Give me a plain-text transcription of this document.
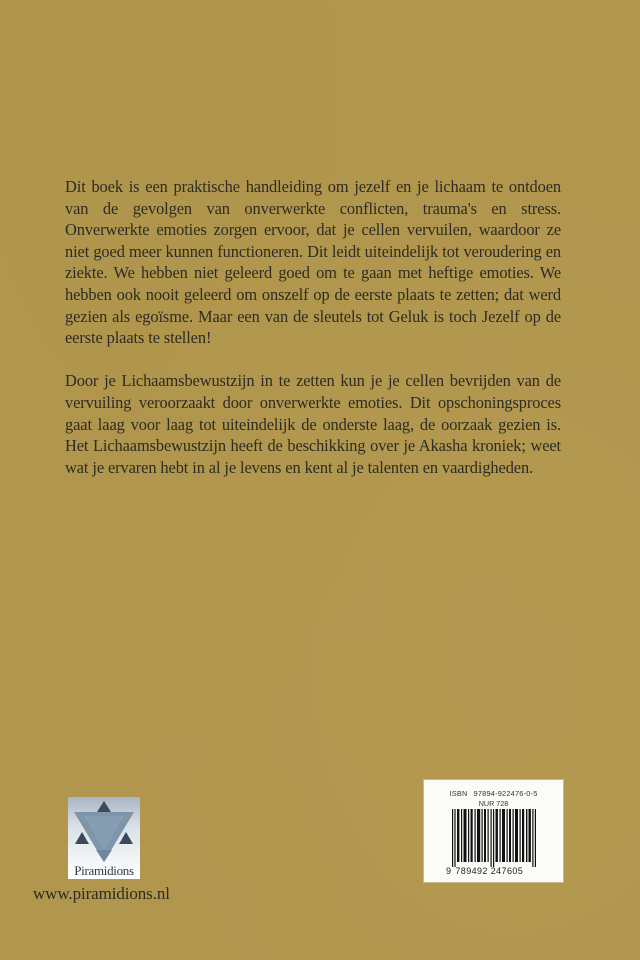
Dit boek is een praktische handleiding om jezelf en je lichaam te ontdoen van de gevolgen van onverwerkte conflicten, trauma's en stress. Onverwerkte emoties zorgen ervoor, dat je cellen vervuilen, waardoor ze niet goed meer kunnen functioneren. Dit leidt uiteindelijk tot veroudering en ziekte. We hebben niet geleerd goed om te gaan met heftige emoties. We hebben ook nooit geleerd om onszelf op de eerste plaats te zetten; dat werd gezien als egoïsme. Maar een van de sleutels tot Geluk is toch Jezelf op de eerste plaats te stellen!

Door je Lichaamsbewustzijn in te zetten kun je je cellen bevrijden van de vervuiling veroorzaakt door onverwerkte emoties. Dit opschoningsproces gaat laag voor laag tot uiteindelijk de onderste laag, de oorzaak gezien is. Het Lichaamsbewustzijn heeft de beschikking over je Akasha kroniek; weet wat je ervaren hebt in al je levens en kent al je talenten en vaardigheden.

Piramidions
www.piramidions.nl
ISBN 97894-922476-0-5
NUR 728
9 789492 247605
